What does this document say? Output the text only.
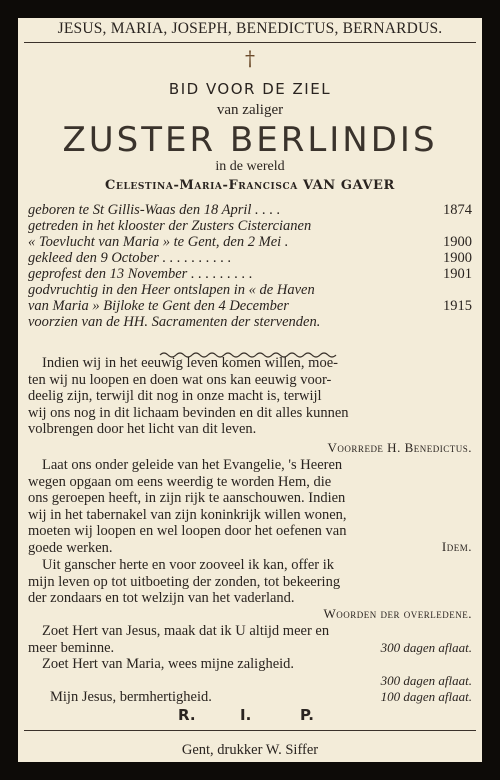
JESUS, MARIA, JOSEPH, BENEDICTUS, BERNARDUS.
†
BID VOOR DE ZIEL
van zaliger
ZUSTER BERLINDIS
in de wereld
Celestina-Maria-Francisca VAN GAVER
geboren te St Gillis-Waas den 18 April . . . .	1874
getreden in het klooster der Zusters Cistercianen
« Toevlucht van Maria » te Gent, den 2 Mei .	1900
gekleed den 9 October . . . . . . . . . .	1900
geprofest den 13 November . . . . . . . . .	1901
godvruchtig in den Heer ontslapen in « de Haven
van Maria » Bijloke te Gent den 4 December	1915
voorzien van de HH. Sacramenten der stervenden.
Indien wij in het eeuwig leven komen willen, moe-
ten wij nu loopen en doen wat ons kan eeuwig voor-
deelig zijn, terwijl dit nog in onze macht is, terwijl
wij ons nog in dit lichaam bevinden en dit alles kunnen
volbrengen door het licht van dit leven.
Voorrede H. Benedictus.
Laat ons onder geleide van het Evangelie, 's Heeren
wegen opgaan om eens weerdig te worden Hem, die
ons geroepen heeft, in zijn rijk te aanschouwen. Indien
wij in het tabernakel van zijn koninkrijk willen wonen,
moeten wij loopen en wel loopen door het oefenen van
goede werken.	Idem.
Uit ganscher herte en voor zooveel ik kan, offer ik
mijn leven op tot uitboeting der zonden, tot bekeering
der zondaars en tot welzijn van het vaderland.
Woorden der overledene.
Zoet Hert van Jesus, maak dat ik U altijd meer en
meer beminne.	300 dagen aflaat.
Zoet Hert van Maria, wees mijne zaligheid.
300 dagen aflaat.
Mijn Jesus, bermhertigheid.	100 dagen aflaat.
R.	I.	P.
Gent, drukker W. Siffer
